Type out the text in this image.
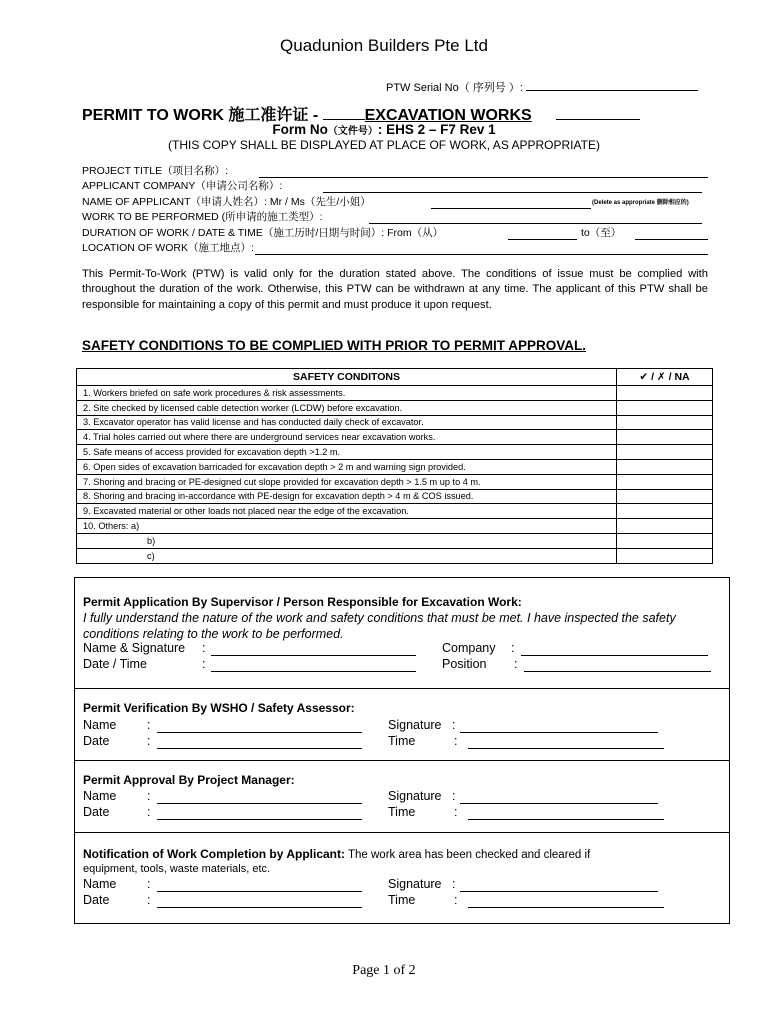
Quadunion Builders Pte Ltd
PTW Serial No（ 序列号 ）:
PERMIT TO WORK 施工准许证 -	EXCAVATION WORKS
Form No（文件号）: EHS 2 – F7 Rev 1
(THIS COPY SHALL BE DISPLAYED AT PLACE OF WORK, AS APPROPRIATE)
PROJECT TITLE（项目名称）:
APPLICANT COMPANY（申请公司名称）:
NAME OF APPLICANT（申请人姓名）: Mr / Ms（先生/小姐）	(Delete as appropriate 删除相应的)
WORK TO BE PERFORMED (所申请的施工类型）:
DURATION OF WORK / DATE & TIME（施工历时/日期与时间）: From（从）	to（至）
LOCATION OF WORK（施工地点）:
This Permit-To-Work (PTW) is valid only for the duration stated above. The conditions of issue must be complied with throughout the duration of the work. Otherwise, this PTW can be withdrawn at any time. The applicant of this PTW shall be responsible for maintaining a copy of this permit and must produce it upon request.
SAFETY CONDITIONS TO BE COMPLIED WITH PRIOR TO PERMIT APPROVAL.
SAFETY CONDITONS	✔ / ✗ / NA
1. Workers briefed on safe work procedures & risk assessments.	
2. Site checked by licensed cable detection worker (LCDW) before excavation.	
3. Excavator operator has valid license and has conducted daily check of excavator.	
4. Trial holes carried out where there are underground services near excavation works.	
5. Safe means of access provided for excavation depth >1.2 m.	
6. Open sides of excavation barricaded for excavation depth > 2 m and warning sign provided.	
7. Shoring and bracing or PE-designed cut slope provided for excavation depth > 1.5 m up to 4 m.	
8. Shoring and bracing in-accordance with PE-design for excavation depth > 4 m & COS issued.	
9. Excavated material or other loads not placed near the edge of the excavation.	
10. Others: a)	
b)	
c)	
Permit Application By Supervisor / Person Responsible for Excavation Work:
I fully understand the nature of the work and safety conditions that must be met. I have inspected the safety conditions relating to the work to be performed.
Name & Signature :
Date / Time	:
Company :
Position :
Permit Verification By WSHO / Safety Assessor:
Name :
Date	:
Signature :
Time	:
Permit Approval By Project Manager:
Name :
Date	:
Signature :
Time	:
Notification of Work Completion by Applicant: The work area has been checked and cleared if
equipment, tools, waste materials, etc.
Name :
Date	:
Signature :
Time	:
Page 1 of 2
